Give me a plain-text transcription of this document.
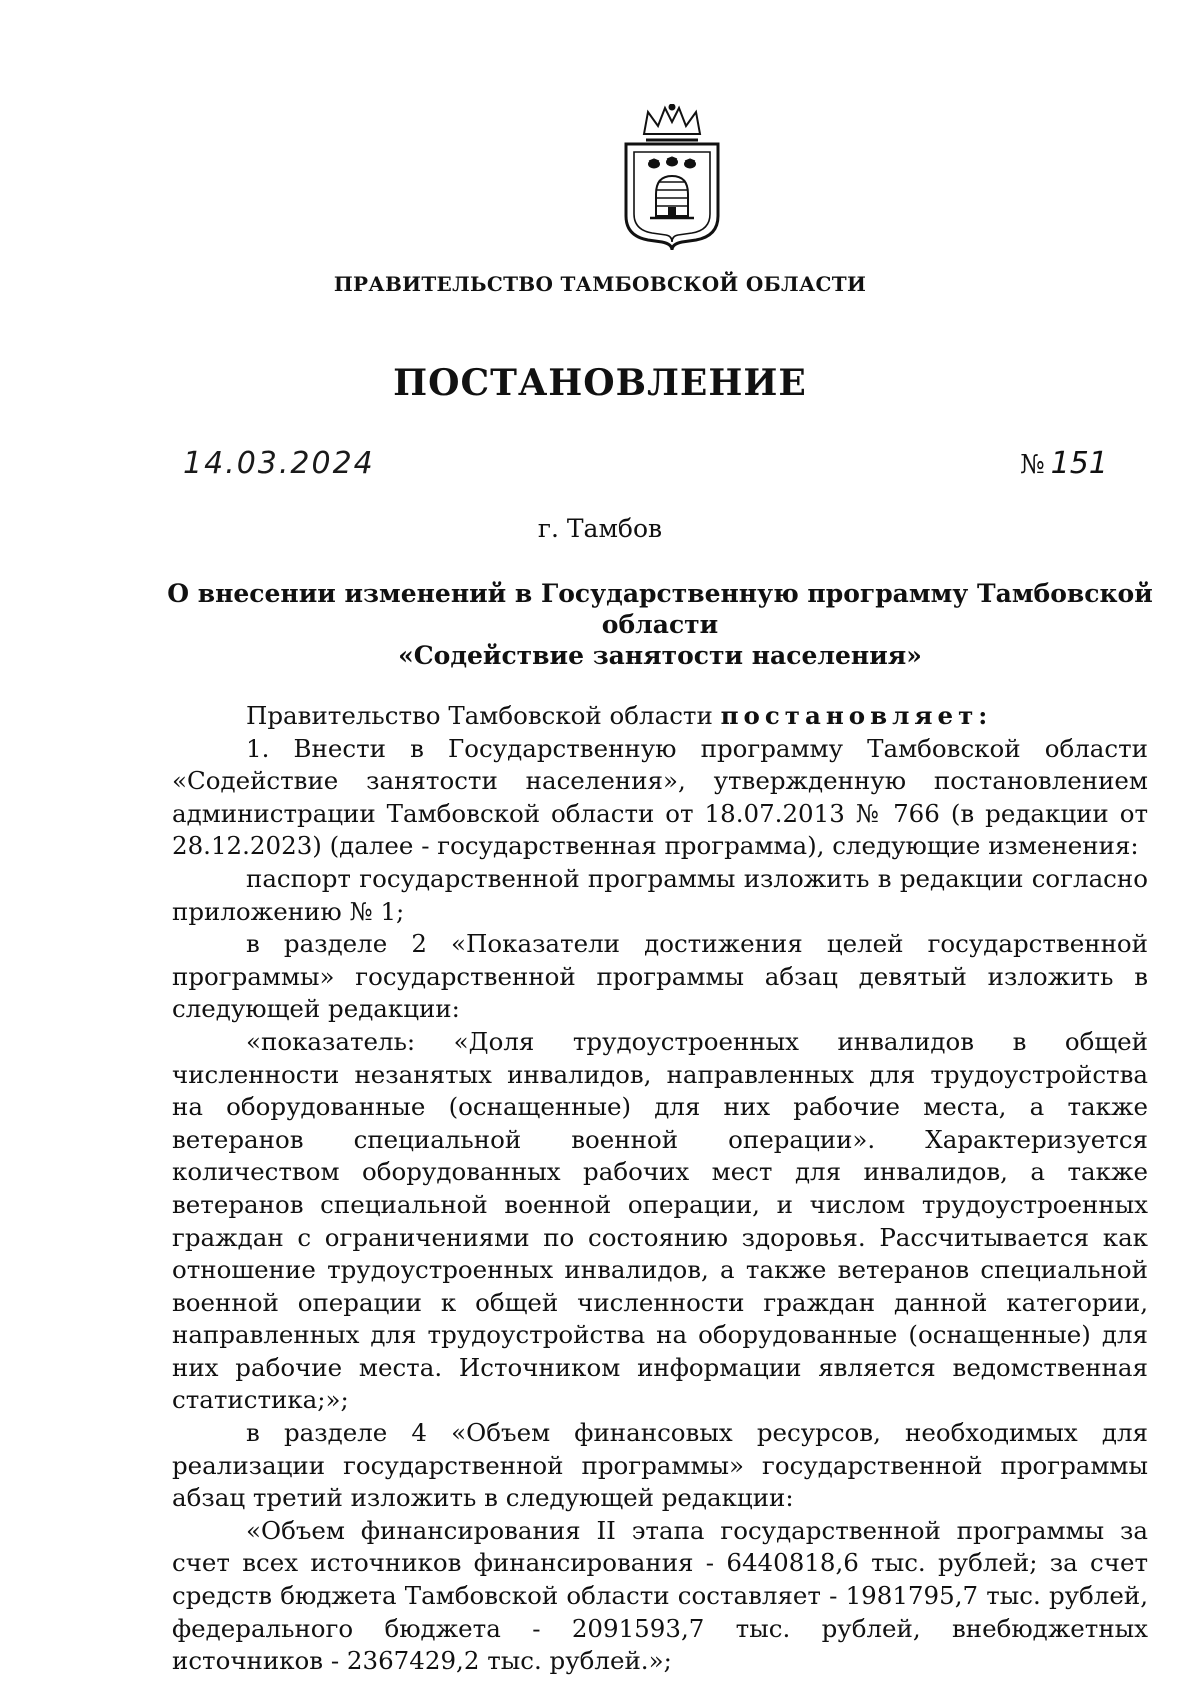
ПРАВИТЕЛЬСТВО ТАМБОВСКОЙ ОБЛАСТИ
ПОСТАНОВЛЕНИЕ
14.03.2024	№ 151
г. Тамбов
О внесении изменений в Государственную программу Тамбовской области
«Содействие занятости населения»

Правительство Тамбовской области постановляет:

1. Внести в Государственную программу Тамбовской области «Содействие занятости населения», утвержденную постановлением администрации Тамбовской области от 18.07.2013 № 766 (в редакции от 28.12.2023) (далее - государственная программа), следующие изменения:

паспорт государственной программы изложить в редакции согласно приложению № 1;

в разделе 2 «Показатели достижения целей государственной программы» государственной программы абзац девятый изложить в следующей редакции:

«показатель: «Доля трудоустроенных инвалидов в общей численности незанятых инвалидов, направленных для трудоустройства на оборудованные (оснащенные) для них рабочие места, а также ветеранов специальной военной операции». Характеризуется количеством оборудованных рабочих мест для инвалидов, а также ветеранов специальной военной операции, и числом трудоустроенных граждан с ограничениями по состоянию здоровья. Рассчитывается как отношение трудоустроенных инвалидов, а также ветеранов специальной военной операции к общей численности граждан данной категории, направленных для трудоустройства на оборудованные (оснащенные) для них рабочие места. Источником информации является ведомственная статистика;»;

в разделе 4 «Объем финансовых ресурсов, необходимых для реализации государственной программы» государственной программы абзац третий изложить в следующей редакции:

«Объем финансирования II этапа государственной программы за счет всех источников финансирования - 6440818,6 тыс. рублей; за счет средств бюджета Тамбовской области составляет - 1981795,7 тыс. рублей, федерального бюджета - 2091593,7 тыс. рублей, внебюджетных источников - 2367429,2 тыс. рублей.»;
